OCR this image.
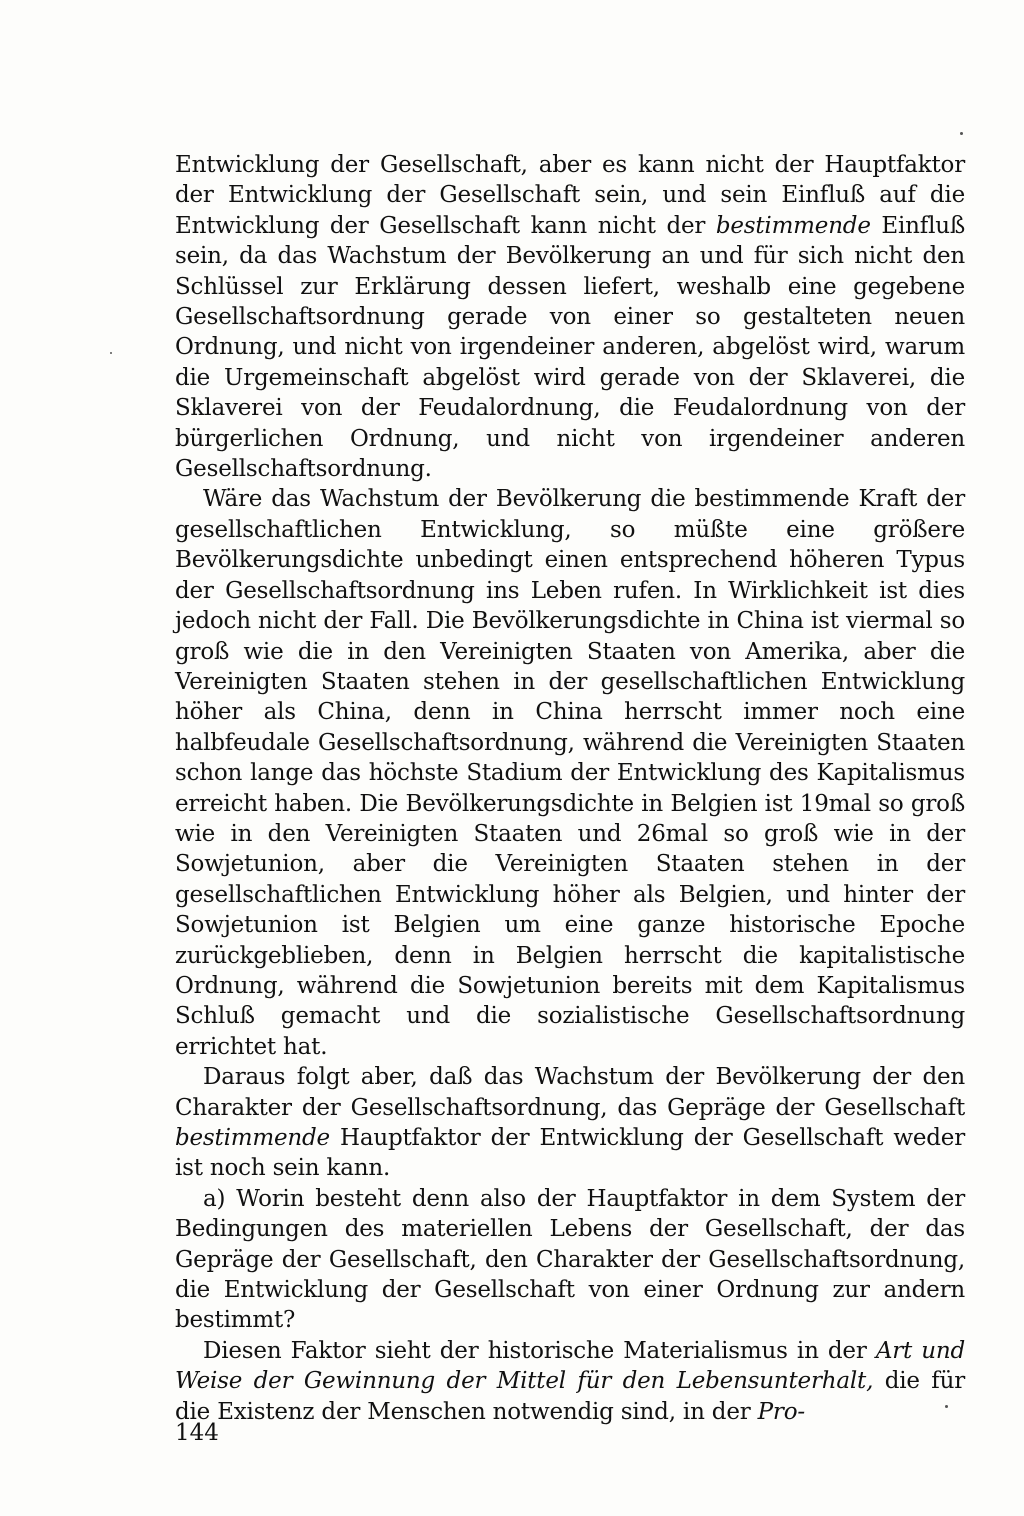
Entwicklung der Gesellschaft, aber es kann nicht der Hauptfaktor der Entwicklung der Gesellschaft sein, und sein Einfluß auf die Entwicklung der Gesellschaft kann nicht der bestimmende Einfluß sein, da das Wachstum der Bevölkerung an und für sich nicht den Schlüssel zur Erklärung dessen liefert, weshalb eine gegebene Gesellschaftsordnung gerade von einer so gestalteten neuen Ordnung, und nicht von irgendeiner anderen, abgelöst wird, warum die Urgemeinschaft abgelöst wird gerade von der Sklaverei, die Sklaverei von der Feudalordnung, die Feudalordnung von der bürgerlichen Ordnung, und nicht von irgendeiner anderen Gesellschaftsordnung.

Wäre das Wachstum der Bevölkerung die bestimmende Kraft der gesellschaftlichen Entwicklung, so müßte eine größere Bevölkerungsdichte unbedingt einen entsprechend höheren Typus der Gesellschaftsordnung ins Leben rufen. In Wirklichkeit ist dies jedoch nicht der Fall. Die Bevölkerungsdichte in China ist viermal so groß wie die in den Vereinigten Staaten von Amerika, aber die Vereinigten Staaten stehen in der gesellschaftlichen Entwicklung höher als China, denn in China herrscht immer noch eine halbfeudale Gesellschaftsordnung, während die Vereinigten Staaten schon lange das höchste Stadium der Entwicklung des Kapitalismus erreicht haben. Die Bevölkerungsdichte in Belgien ist 19mal so groß wie in den Vereinigten Staaten und 26mal so groß wie in der Sowjetunion, aber die Vereinigten Staaten stehen in der gesellschaftlichen Entwicklung höher als Belgien, und hinter der Sowjetunion ist Belgien um eine ganze historische Epoche zurückgeblieben, denn in Belgien herrscht die kapitalistische Ordnung, während die Sowjetunion bereits mit dem Kapitalismus Schluß gemacht und die sozialistische Gesellschaftsordnung errichtet hat.

Daraus folgt aber, daß das Wachstum der Bevölkerung der den Charakter der Gesellschaftsordnung, das Gepräge der Gesellschaft bestimmende Hauptfaktor der Entwicklung der Gesellschaft weder ist noch sein kann.

a) Worin besteht denn also der Hauptfaktor in dem System der Bedingungen des materiellen Lebens der Gesellschaft, der das Gepräge der Gesellschaft, den Charakter der Gesellschaftsordnung, die Entwicklung der Gesellschaft von einer Ordnung zur andern bestimmt?

Diesen Faktor sieht der historische Materialismus in der Art und Weise der Gewinnung der Mittel für den Lebensunterhalt, die für die Existenz der Menschen notwendig sind, in der Pro-

144
